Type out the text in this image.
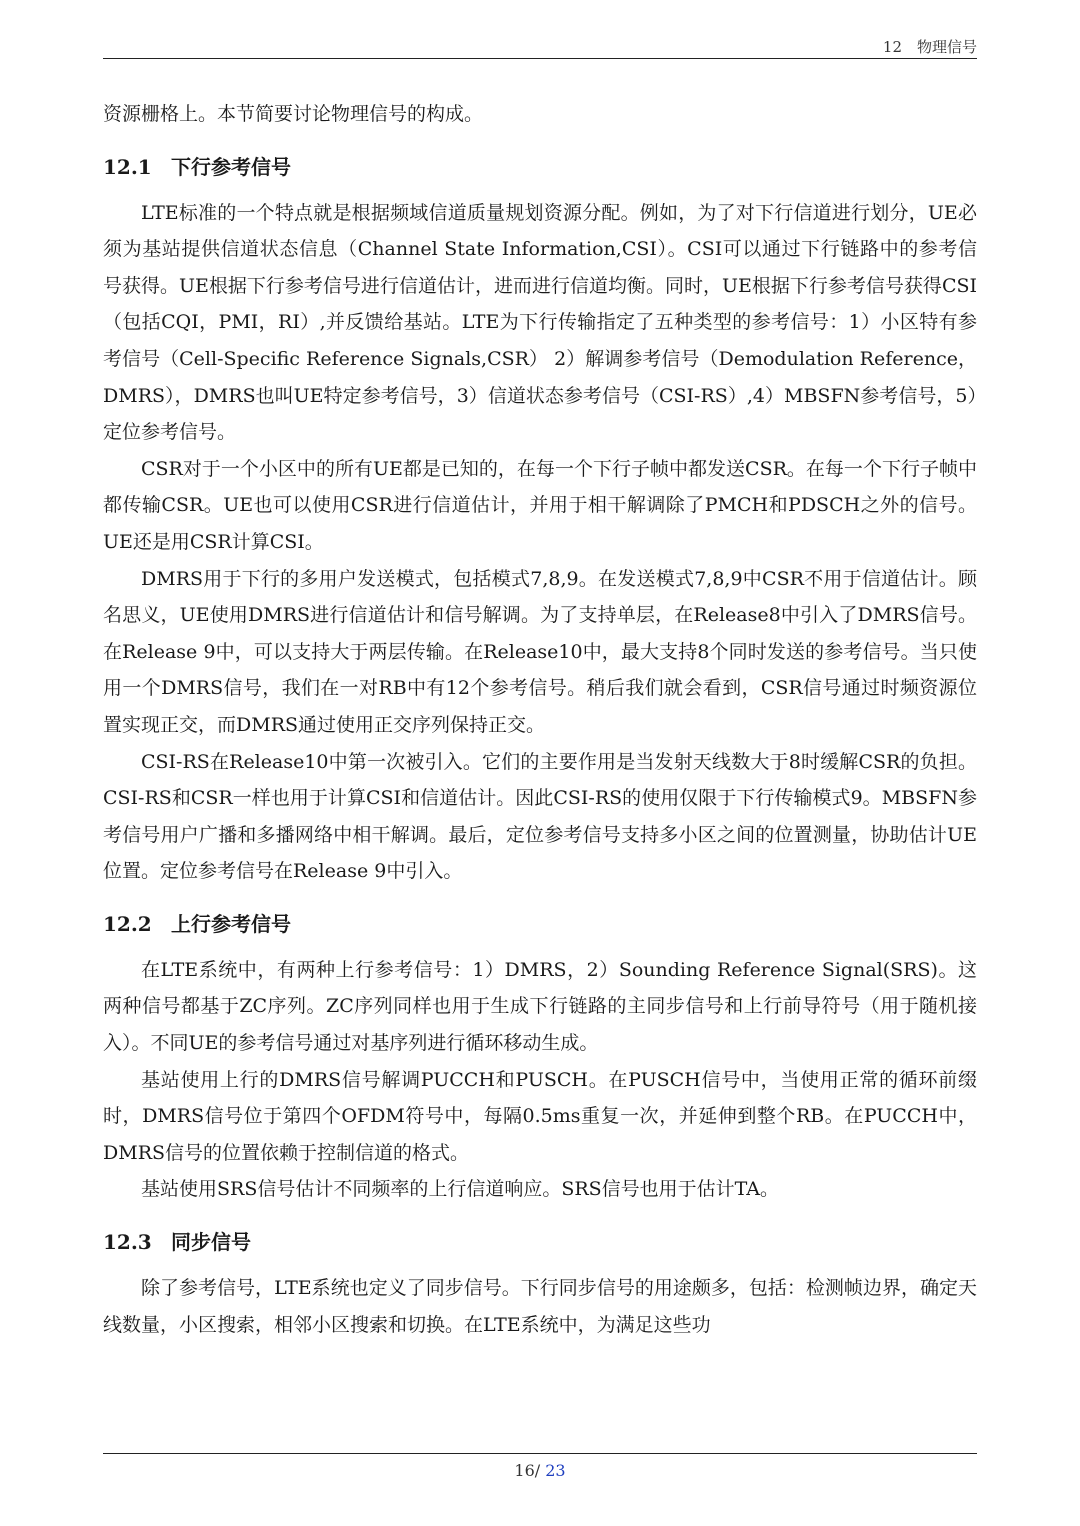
12　物理信号

资源栅格上。本节简要讨论物理信号的构成。

12.1 下行参考信号

LTE标准的一个特点就是根据频域信道质量规划资源分配。例如，为了对下行信道进行划分，UE必须为基站提供信道状态信息（Channel State Information,CSI）。CSI可以通过下行链路中的参考信号获得。UE根据下行参考信号进行信道估计，进而进行信道均衡。同时，UE根据下行参考信号获得CSI（包括CQI，PMI，RI）,并反馈给基站。LTE为下行传输指定了五种类型的参考信号：1）小区特有参考信号（Cell-Specific Reference Signals,CSR） 2）解调参考信号（Demodulation Reference，DMRS），DMRS也叫UE特定参考信号，3）信道状态参考信号（CSI-RS）,4）MBSFN参考信号，5）定位参考信号。

CSR对于一个小区中的所有UE都是已知的，在每一个下行子帧中都发送CSR。在每一个下行子帧中都传输CSR。UE也可以使用CSR进行信道估计，并用于相干解调除了PMCH和PDSCH之外的信号。UE还是用CSR计算CSI。

DMRS用于下行的多用户发送模式，包括模式7,8,9。在发送模式7,8,9中CSR不用于信道估计。顾名思义，UE使用DMRS进行信道估计和信号解调。为了支持单层，在Release8中引入了DMRS信号。在Release 9中，可以支持大于两层传输。在Release10中，最大支持8个同时发送的参考信号。当只使用一个DMRS信号，我们在一对RB中有12个参考信号。稍后我们就会看到，CSR信号通过时频资源位置实现正交，而DMRS通过使用正交序列保持正交。

CSI-RS在Release10中第一次被引入。它们的主要作用是当发射天线数大于8时缓解CSR的负担。CSI-RS和CSR一样也用于计算CSI和信道估计。因此CSI-RS的使用仅限于下行传输模式9。MBSFN参考信号用户广播和多播网络中相干解调。最后，定位参考信号支持多小区之间的位置测量，协助估计UE位置。定位参考信号在Release 9中引入。

12.2 上行参考信号

在LTE系统中，有两种上行参考信号：1）DMRS，2）Sounding Reference Signal(SRS)。这两种信号都基于ZC序列。ZC序列同样也用于生成下行链路的主同步信号和上行前导符号（用于随机接入）。不同UE的参考信号通过对基序列进行循环移动生成。

基站使用上行的DMRS信号解调PUCCH和PUSCH。在PUSCH信号中，当使用正常的循环前缀时，DMRS信号位于第四个OFDM符号中，每隔0.5ms重复一次，并延伸到整个RB。在PUCCH中，DMRS信号的位置依赖于控制信道的格式。

基站使用SRS信号估计不同频率的上行信道响应。SRS信号也用于估计TA。

12.3 同步信号

除了参考信号，LTE系统也定义了同步信号。下行同步信号的用途颇多，包括：检测帧边界，确定天线数量，小区搜索，相邻小区搜索和切换。在LTE系统中，为满足这些功

16/ 23
